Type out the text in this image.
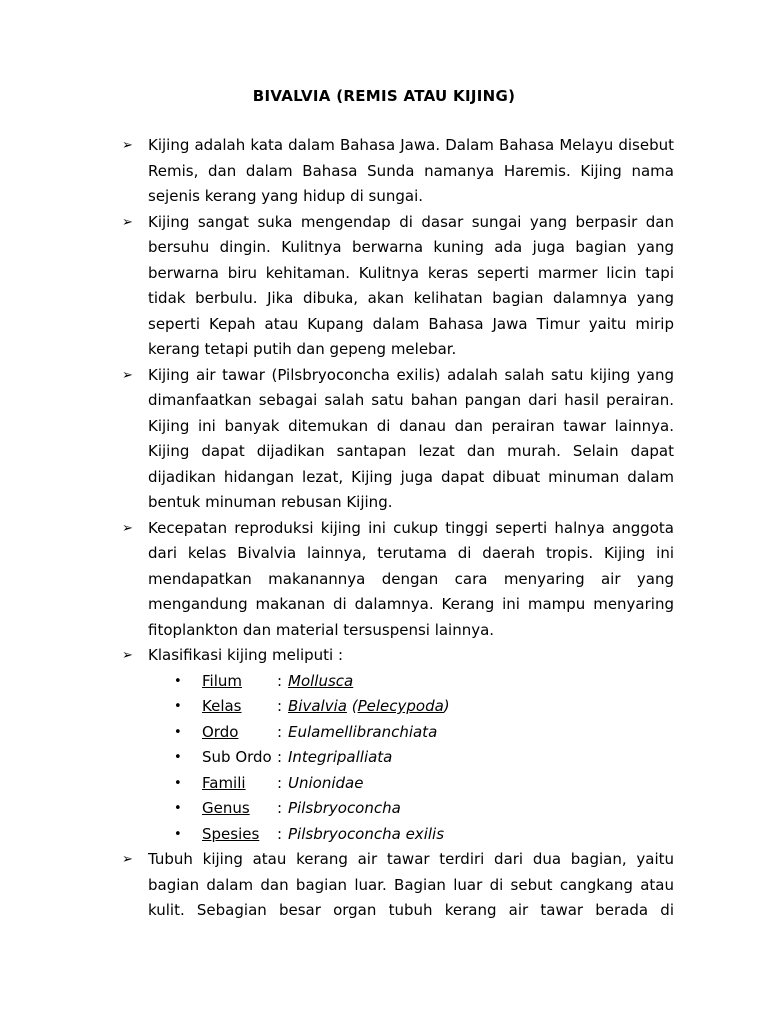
BIVALVIA (REMIS ATAU KIJING)
➢	Kijing adalah kata dalam Bahasa Jawa. Dalam Bahasa Melayu disebut Remis, dan dalam Bahasa Sunda namanya Haremis. Kijing nama sejenis kerang yang hidup di sungai.
➢	Kijing sangat suka mengendap di dasar sungai yang berpasir dan bersuhu dingin. Kulitnya berwarna kuning ada juga bagian yang berwarna biru kehitaman. Kulitnya keras seperti marmer licin tapi tidak berbulu. Jika dibuka, akan kelihatan bagian dalamnya yang seperti Kepah atau Kupang dalam Bahasa Jawa Timur yaitu mirip kerang tetapi putih dan gepeng melebar.
➢	Kijing air tawar (Pilsbryoconcha exilis) adalah salah satu kijing yang dimanfaatkan sebagai salah satu bahan pangan dari hasil perairan. Kijing ini banyak ditemukan di danau dan perairan tawar lainnya. Kijing dapat dijadikan santapan lezat dan murah. Selain dapat dijadikan hidangan lezat, Kijing juga dapat dibuat minuman dalam bentuk minuman rebusan Kijing.
➢	Kecepatan reproduksi kijing ini cukup tinggi seperti halnya anggota dari kelas Bivalvia lainnya, terutama di daerah tropis. Kijing ini mendapatkan makanannya dengan cara menyaring air yang mengandung makanan di dalamnya. Kerang ini mampu menyaring fitoplankton dan material tersuspensi lainnya.
➢	Klasifikasi kijing meliputi :
• Filum : Mollusca
• Kelas : Bivalvia (Pelecypoda)
• Ordo	: Eulamellibranchiata
• Sub Ordo : Integripalliata
• Famili : Unionidae
• Genus : Pilsbryoconcha
• Spesies : Pilsbryoconcha exilis
➢	Tubuh kijing atau kerang air tawar terdiri dari dua bagian, yaitu bagian dalam dan bagian luar. Bagian luar di sebut cangkang atau kulit. Sebagian besar organ tubuh kerang air tawar berada di
